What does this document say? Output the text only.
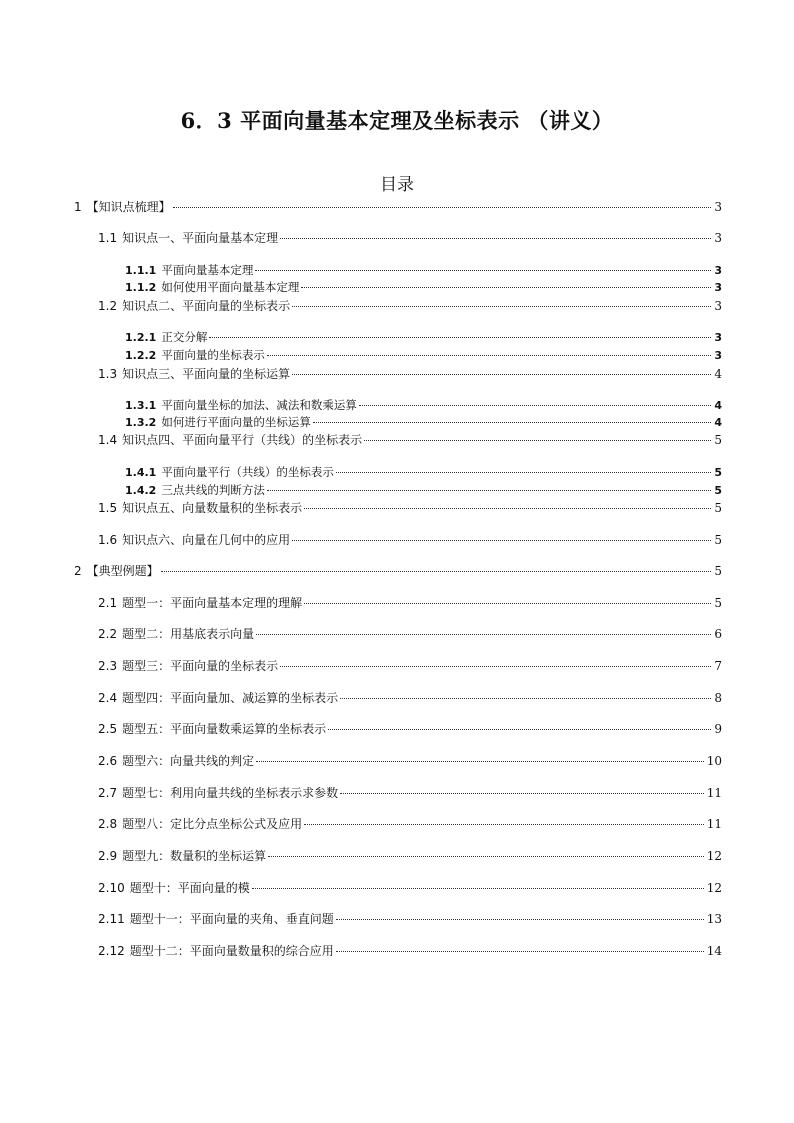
6．3 平面向量基本定理及坐标表示 （讲义）
目录
1 【知识点梳理】	3
1.1 知识点一、平面向量基本定理	3
1.1.1 平面向量基本定理	3
1.1.2 如何使用平面向量基本定理	3
1.2 知识点二、平面向量的坐标表示	3
1.2.1 正交分解	3
1.2.2 平面向量的坐标表示	3
1.3 知识点三、平面向量的坐标运算	4
1.3.1 平面向量坐标的加法、减法和数乘运算	4
1.3.2 如何进行平面向量的坐标运算	4
1.4 知识点四、平面向量平行（共线）的坐标表示	5
1.4.1 平面向量平行（共线）的坐标表示	5
1.4.2 三点共线的判断方法	5
1.5 知识点五、向量数量积的坐标表示	5
1.6 知识点六、向量在几何中的应用	5
2 【典型例题】	5
2.1 题型一：平面向量基本定理的理解	5
2.2 题型二：用基底表示向量	6
2.3 题型三：平面向量的坐标表示	7
2.4 题型四：平面向量加、减运算的坐标表示	8
2.5 题型五：平面向量数乘运算的坐标表示	9
2.6 题型六：向量共线的判定	10
2.7 题型七：利用向量共线的坐标表示求参数	11
2.8 题型八：定比分点坐标公式及应用	11
2.9 题型九：数量积的坐标运算	12
2.10 题型十：平面向量的模	12
2.11 题型十一：平面向量的夹角、垂直问题	13
2.12 题型十二：平面向量数量积的综合应用	14
